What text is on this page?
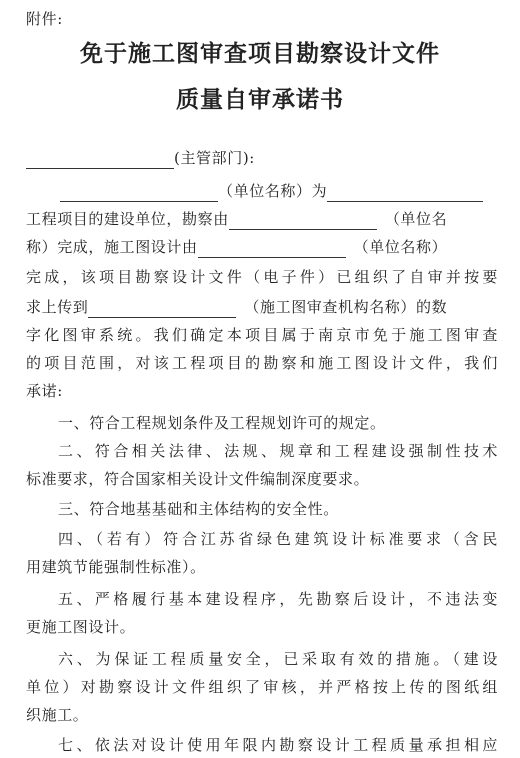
附件:
免于施工图审查项目勘察设计文件
质量自审承诺书
(主管部门):
（单位名称）为
工程项目的建设单位，勘察由	（单位名
称）完成，施工图设计由	（单位名称）
完成，该项目勘察设计文件（电子件）已组织了自审并按要
求上传到	（施工图审查机构名称）的数
字化图审系统。我们确定本项目属于南京市免于施工图审查
的项目范围，对该工程项目的勘察和施工图设计文件，我们
承诺:
一、符合工程规划条件及工程规划许可的规定。
二、符合相关法律、法规、规章和工程建设强制性技术
标准要求，符合国家相关设计文件编制深度要求。
三、符合地基基础和主体结构的安全性。
四、（若有）符合江苏省绿色建筑设计标准要求（含民
用建筑节能强制性标准）。
五、严格履行基本建设程序，先勘察后设计，不违法变
更施工图设计。
六、为保证工程质量安全，已采取有效的措施。（建设
单位）对勘察设计文件组织了审核，并严格按上传的图纸组
织施工。
七、依法对设计使用年限内勘察设计工程质量承担相应
